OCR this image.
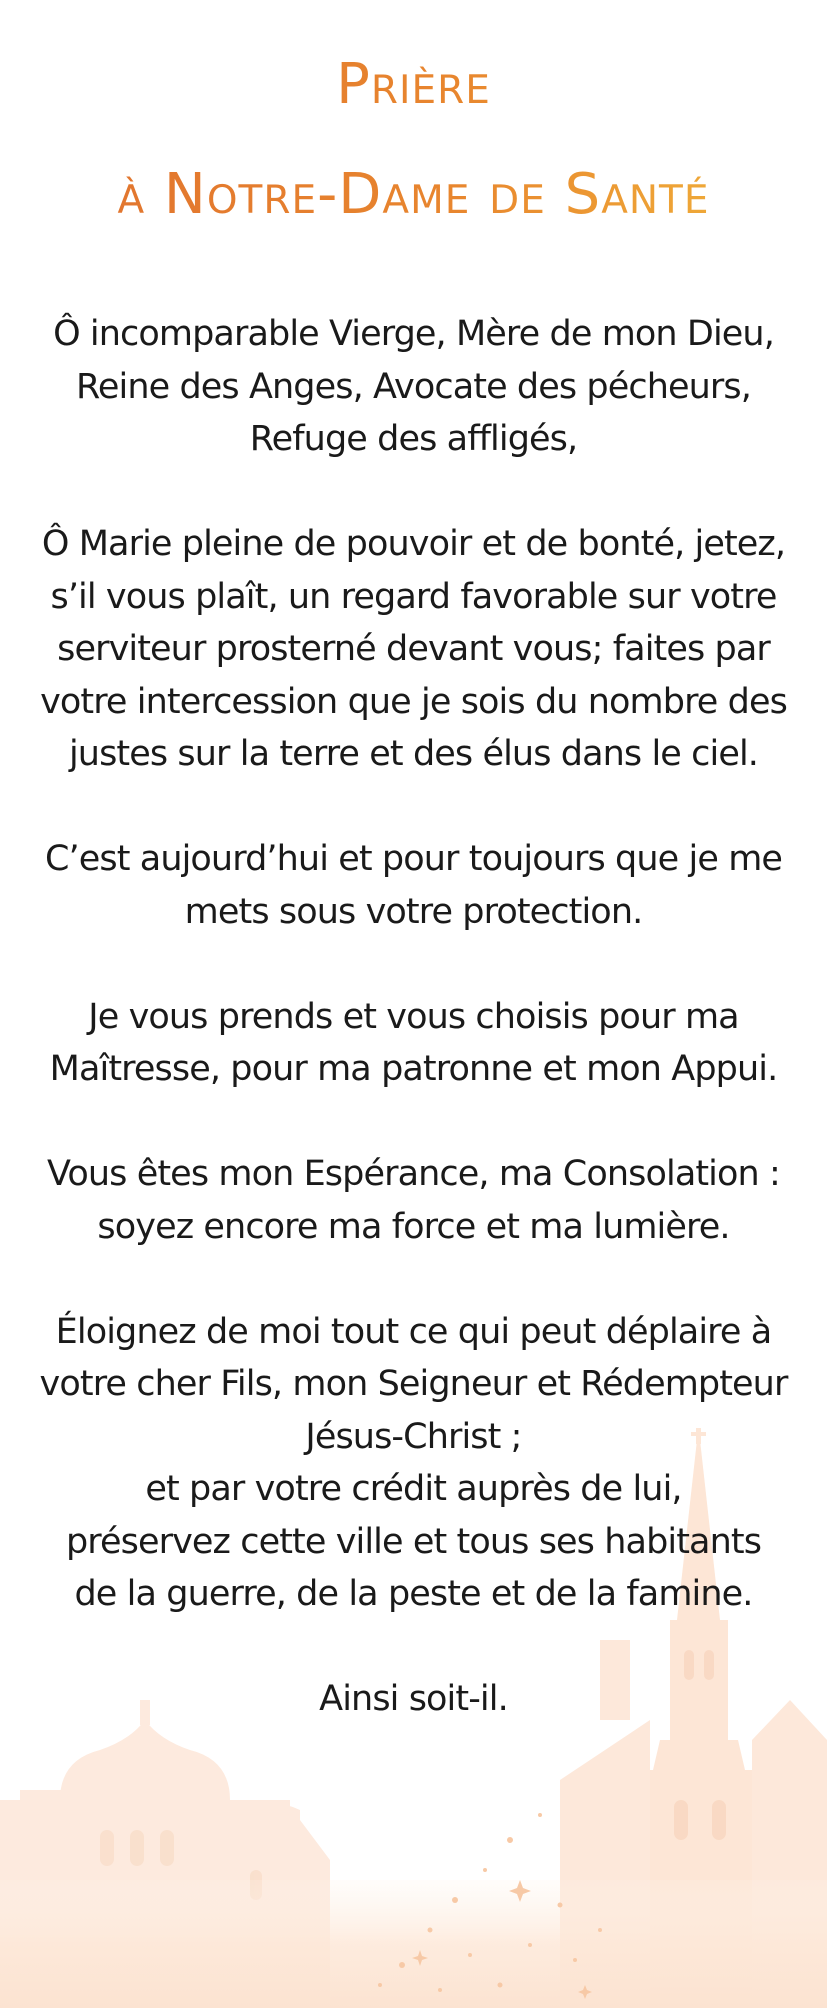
Prière
à Notre-Dame de Santé
Ô incomparable Vierge, Mère de mon Dieu,
Reine des Anges, Avocate des pécheurs,
Refuge des affligés,
Ô Marie pleine de pouvoir et de bonté, jetez,
s’il vous plaît, un regard favorable sur votre
serviteur prosterné devant vous; faites par
votre intercession que je sois du nombre des
justes sur la terre et des élus dans le ciel.
C’est aujourd’hui et pour toujours que je me
mets sous votre protection.
Je vous prends et vous choisis pour ma
Maîtresse, pour ma patronne et mon Appui.
Vous êtes mon Espérance, ma Consolation :
soyez encore ma force et ma lumière.
Éloignez de moi tout ce qui peut déplaire à
votre cher Fils, mon Seigneur et Rédempteur
Jésus-Christ ;
et par votre crédit auprès de lui,
préservez cette ville et tous ses habitants
de la guerre, de la peste et de la famine.
Ainsi soit-il.
